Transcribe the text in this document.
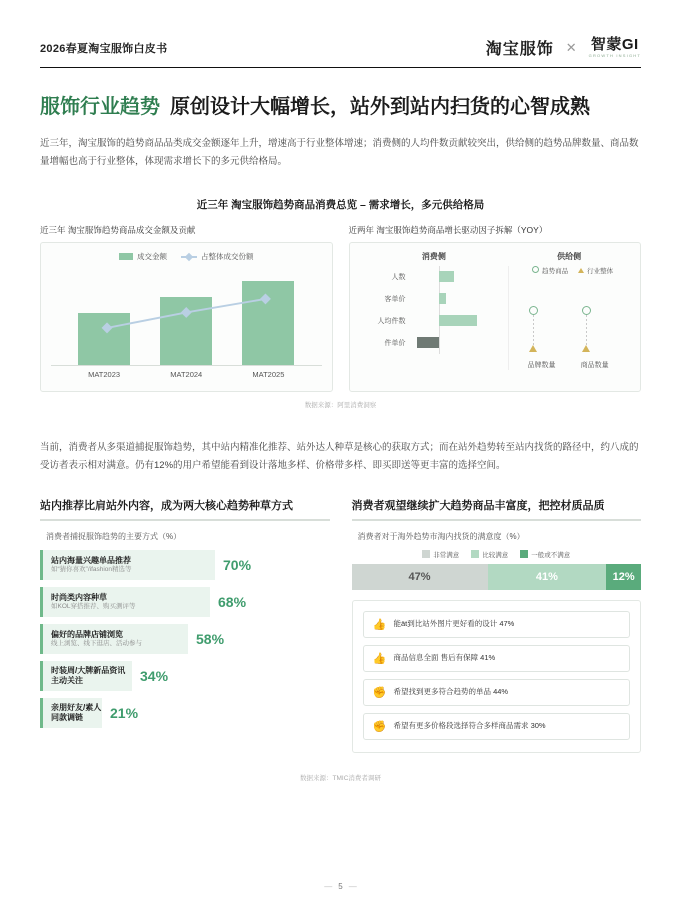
2026春夏淘宝服饰白皮书	淘宝服饰 ✕ 智蒙GI
GROWTH INSIGHT
服饰行业趋势 原创设计大幅增长，站外到站内扫货的心智成熟
近三年，淘宝服饰的趋势商品品类成交金额逐年上升，增速高于行业整体增速；消费侧的人均件数贡献较突出，供给侧的趋势品牌数量、商品数量增幅也高于行业整体，体现需求增长下的多元供给格局。
近三年 淘宝服饰趋势商品消费总览 – 需求增长，多元供给格局
近三年 淘宝服饰趋势商品成交金额及贡献
成交金额	占整体成交份额
MAT2023	MAT2024	MAT2025
近两年 淘宝服饰趋势商品增长驱动因子拆解（YOY）
消费侧	供给侧
人数
客单价
人均件数
件单价
趋势商品	行业整体
品牌数量	商品数量
数据来源：阿里消费洞察
当前，消费者从多渠道捕捉服饰趋势，其中站内精准化推荐、站外达人种草是核心的获取方式；而在站外趋势转至站内找货的路径中，约八成的受访者表示相对满意。仍有12%的用户希望能看到设计落地多样、价格带多样、即买即送等更丰富的选择空间。
站内推荐比肩站外内容，成为两大核心趋势种草方式
消费者捕捉服饰趋势的主要方式（%）
站内海量兴趣单品推荐
如“猜你喜欢”/ifashion精选等	70%
时尚类内容种草
如KOL穿搭推荐、购买测评等	68%
偏好的品牌店铺浏览
线上浏览、线下逛店、活动参与	58%
时装周/大牌新品资讯主动关注	34%
亲朋好友/素人同款调链	21%
消费者观望继续扩大趋势商品丰富度，把控材质品质
消费者对于淘外趋势市淘内找货的满意度（%）
非常满意	比较满意	一般或不满意
47%	41%	12%
👍 能ät到比站外图片更好看的设计 47%
👍 商品信息全面 售后有保障 41%
✊ 希望找到更多符合趋势的单品 44%
✊ 希望有更多价格段选择符合多样商品需求 30%
数据来源：TMIC消费者调研
— 5 —
